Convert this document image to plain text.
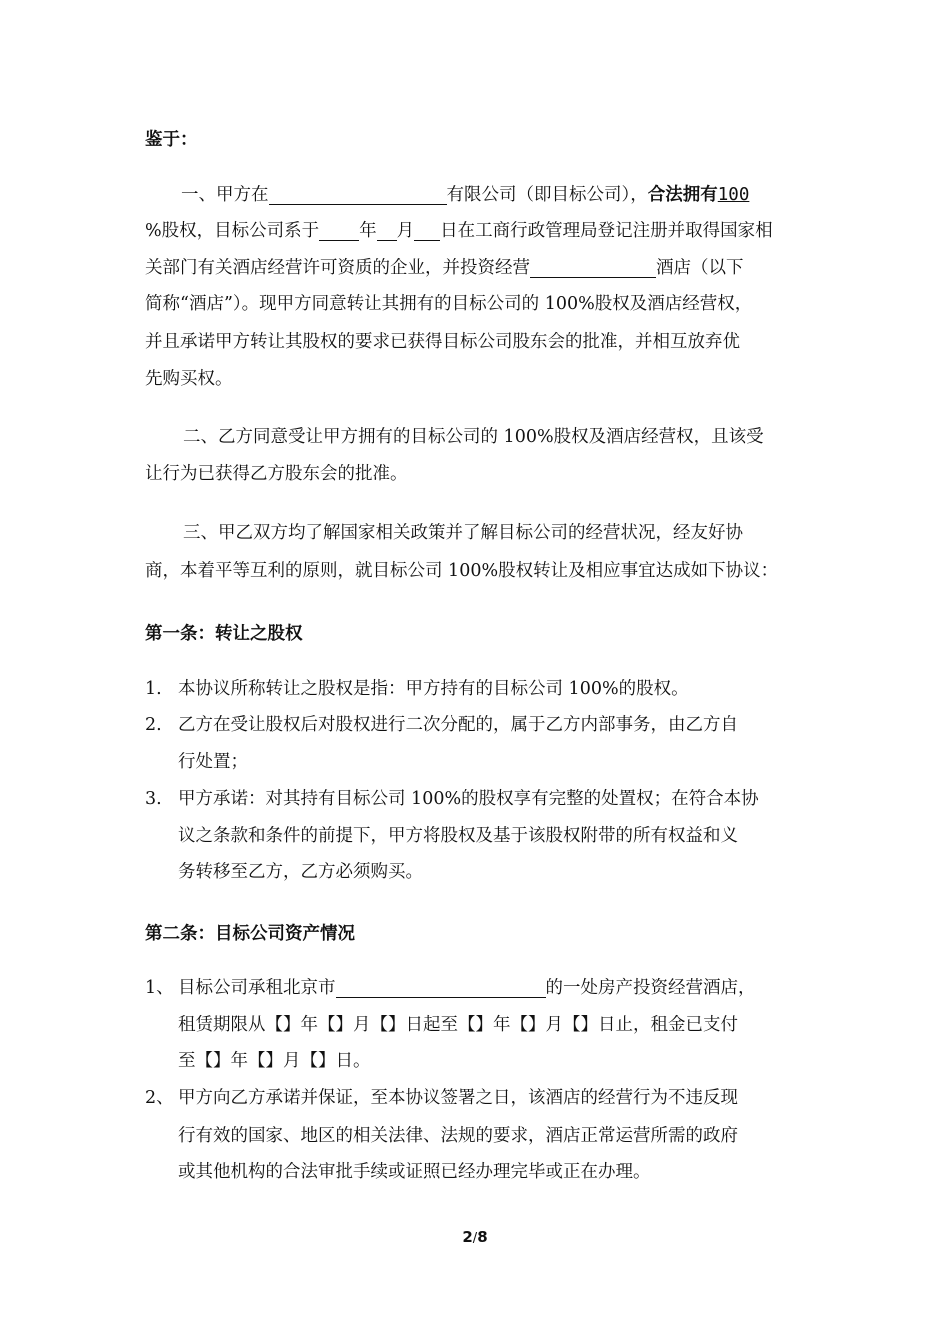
鉴于：
一、甲方在	有限公司（即目标公司），合法拥有100
%股权，目标公司系于 年 月 日在工商行政管理局登记注册并取得国家相
关部门有关酒店经营许可资质的企业，并投资经营	酒店（以下
简称“酒店”）。现甲方同意转让其拥有的目标公司的 100%股权及酒店经营权，
并且承诺甲方转让其股权的要求已获得目标公司股东会的批准，并相互放弃优
先购买权。
二、乙方同意受让甲方拥有的目标公司的 100%股权及酒店经营权，且该受
让行为已获得乙方股东会的批准。
三、甲乙双方均了解国家相关政策并了解目标公司的经营状况，经友好协
商，本着平等互利的原则，就目标公司 100%股权转让及相应事宜达成如下协议：
第一条：转让之股权
1. 本协议所称转让之股权是指：甲方持有的目标公司 100%的股权。
2. 乙方在受让股权后对股权进行二次分配的，属于乙方内部事务，由乙方自
行处置；
3. 甲方承诺：对其持有目标公司 100%的股权享有完整的处置权；在符合本协
议之条款和条件的前提下，甲方将股权及基于该股权附带的所有权益和义
务转移至乙方，乙方必须购买。
第二条：目标公司资产情况
1、 目标公司承租北京市	的一处房产投资经营酒店，
租赁期限从【】年【】月【】日起至【】年【】月【】日止，租金已支付
至【】年【】月【】日。
2、 甲方向乙方承诺并保证，至本协议签署之日，该酒店的经营行为不违反现
行有效的国家、地区的相关法律、法规的要求，酒店正常运营所需的政府
或其他机构的合法审批手续或证照已经办理完毕或正在办理。
2/8
